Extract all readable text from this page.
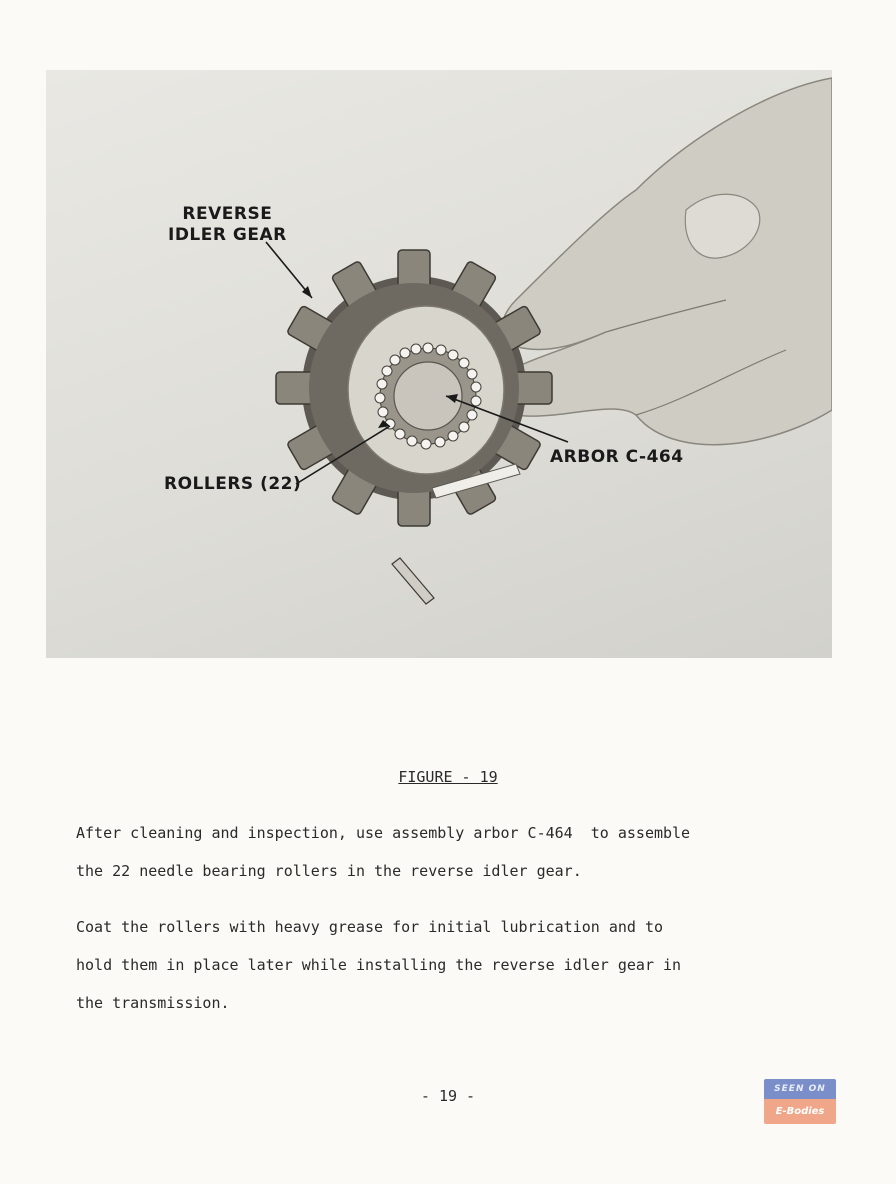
REVERSE
IDLER GEAR
ROLLERS (22)
ARBOR C-464
FIGURE - 19
After cleaning and inspection, use assembly arbor C-464  to assemble
the 22 needle bearing rollers in the reverse idler gear.
Coat the rollers with heavy grease for initial lubrication and to
hold them in place later while installing the reverse idler gear in
the transmission.
- 19 -	SEEN ON
E-Bodies
